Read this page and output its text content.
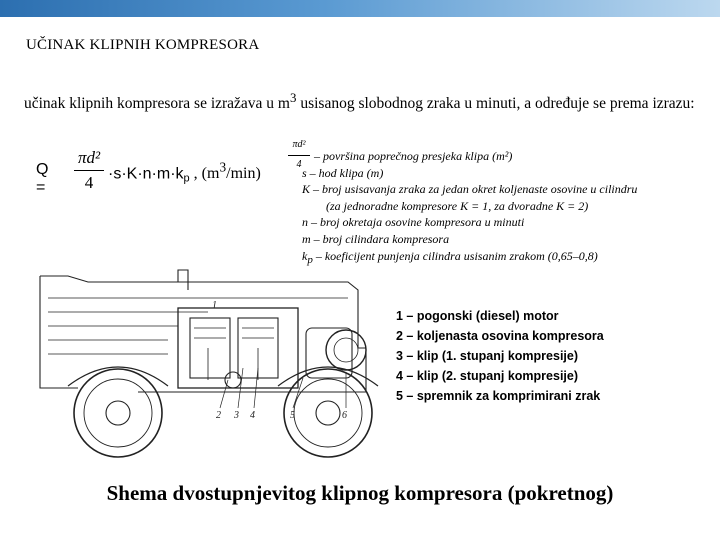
UČINAK KLIPNIH KOMPRESORA
učinak klipnih kompresora se izražava u $m^3$ usisanog slobodnog zraka u minuti, a određuje se prema izrazu:
Q =
πd²
$4 \cdot s\cdot K\cdot n\cdot m\cdot k_p$ , $(m^3/\min)$
πd²
4
– površina poprečnog presjeka klipa (m²)
s – hod klipa (m)
K – broj usisavanja zraka za jedan okret koljenaste osovine u cilindru
(za jednoradne kompresore K = 1, za dvoradne K = 2)
n – broj okretaja osovine kompresora u minuti
m – broj cilindara kompresora
kp – koeficijent punjenja cilindra usisanim zrakom (0,65–0,8)
1
2 3 4	5	6
1 – pogonski (diesel) motor
2 – koljenasta osovina kompresora
3 – klip (1. stupanj kompresije)
4 – klip (2. stupanj kompresije)
5 – spremnik za komprimirani zrak
Shema dvostupnjevitog klipnog kompresora (pokretnog)
